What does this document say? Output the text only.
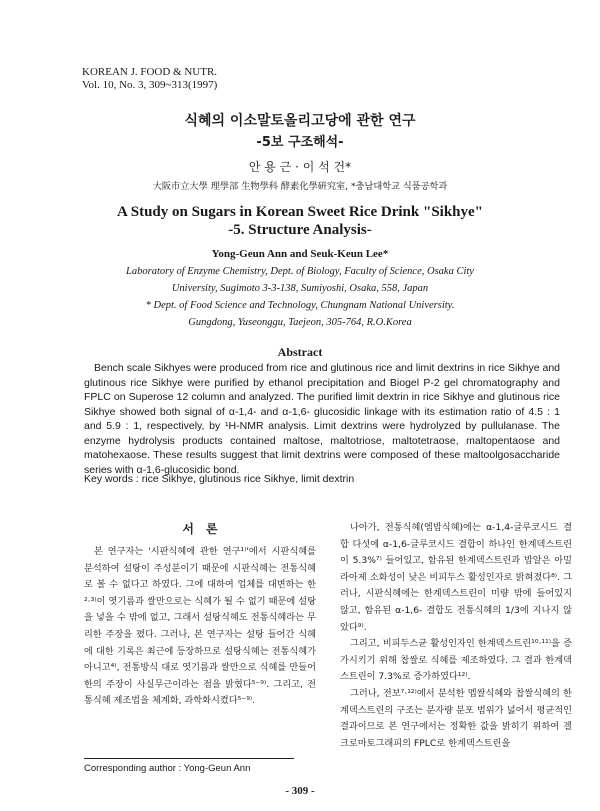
KOREAN J. FOOD & NUTR.
Vol. 10, No. 3, 309~313(1997)
식혜의 이소말토올리고당에 관한 연구
-5보 구조해석-
안 용 근 · 이 석 건*
大阪市立大學 理學部 生物學科 酵素化學硏究室, *충남대학교 식품공학과
A Study on Sugars in Korean Sweet Rice Drink "Sikhye"
-5. Structure Analysis-
Yong-Geun Ann and Seuk-Keun Lee*
Laboratory of Enzyme Chemistry, Dept. of Biology, Faculty of Science, Osaka City
University, Sugimoto 3-3-138, Sumiyoshi, Osaka, 558, Japan
* Dept. of Food Science and Technology, Chungnam National University.
Gungdong, Yuseonggu, Taejeon, 305-764, R.O.Korea
Abstract
Bench scale Sikhyes were produced from rice and glutinous rice and limit dextrins in rice Sikhye and glutinous rice Sikhye were purified by ethanol precipitation and Biogel P-2 gel chromatography and FPLC on Superose 12 column and analyzed. The purified limit dextrin in rice Sikhye and glutinous rice Sikhye showed both signal of α-1,4- and α-1,6- glucosidic linkage with its estimation ratio of 4.5 : 1 and 5.9 : 1, respectively, by ¹H-NMR analysis. Limit dextrins were hydrolyzed by pullulanase. The enzyme hydrolysis products contained maltose, maltotriose, maltotetraose, maltopentaose and matohexaose. These results suggest that limit dextrins were composed of these maltoolgosaccharide series with α-1,6-glucosidic bond.
Key words : rice Sikhye, glutinous rice Sikhye, limit dextrin
서　론

본 연구자는 '시판식혜에 관한 연구¹⁾'에서 시판식혜를 분석하여 설탕이 주성분이기 때문에 시판식혜는 전통식혜로 볼 수 없다고 하였다. 그에 대하여 업체를 대변하는 한²·³⁾이 엿기름과 쌀만으로는 식혜가 될 수 없기 때문에 설탕을 넣을 수 밖에 없고, 그래서 설탕식혜도 전통식혜라는 무리한 주장을 폈다. 그러나, 본 연구자는 설탕 들어간 식혜에 대한 기록은 최근에 등장하므로 설탕식혜는 전통식혜가 아니고⁴⁾, 전통방식 대로 엿기름과 쌀만으로 식혜를 만들어 한의 주장이 사실무근이라는 점을 밝혔다⁵⁻⁹⁾. 그리고, 전통식혜 제조법을 체계화, 과학화시켰다⁵⁻⁹⁾.

나아가, 전통식혜(엠밥식혜)에는 α-1,4-글루코시드 결합 다섯에 α-1,6-글루코시드 결합이 하나인 한계덱스트린이 5.3%⁷⁾ 들어있고, 함유된 한계덱스트린과 밥알은 아밀라아제 소화성이 낮은 비피두스 활성인자로 밝혀졌다⁸⁾. 그러나, 시판식혜에는 한계덱스트린이 미량 밖에 들어있지 않고, 함유된 α-1,6- 결합도 전통식혜의 1/3에 지나지 않았다⁹⁾.

그리고, 비피두스균 활성인자인 한계덱스트린¹⁰·¹¹⁾을 증가시키기 위해 찹쌀로 식혜를 제조하였다. 그 결과 한계덱스트린이 7.3%로 증가하였다¹²⁾.

그러나, 전보⁷·¹²⁾에서 분석한 멥쌀식혜와 찹쌀식혜의 한계덱스트린의 구조는 분자량 분포 범위가 넓어서 평균적인 결과이므로 본 연구에서는 정확한 값을 밝히기 위하여 겔 크로마토그래피의 FPLC로 한계덱스트린을

Corresponding author : Yong-Geun Ann
- 309 -
